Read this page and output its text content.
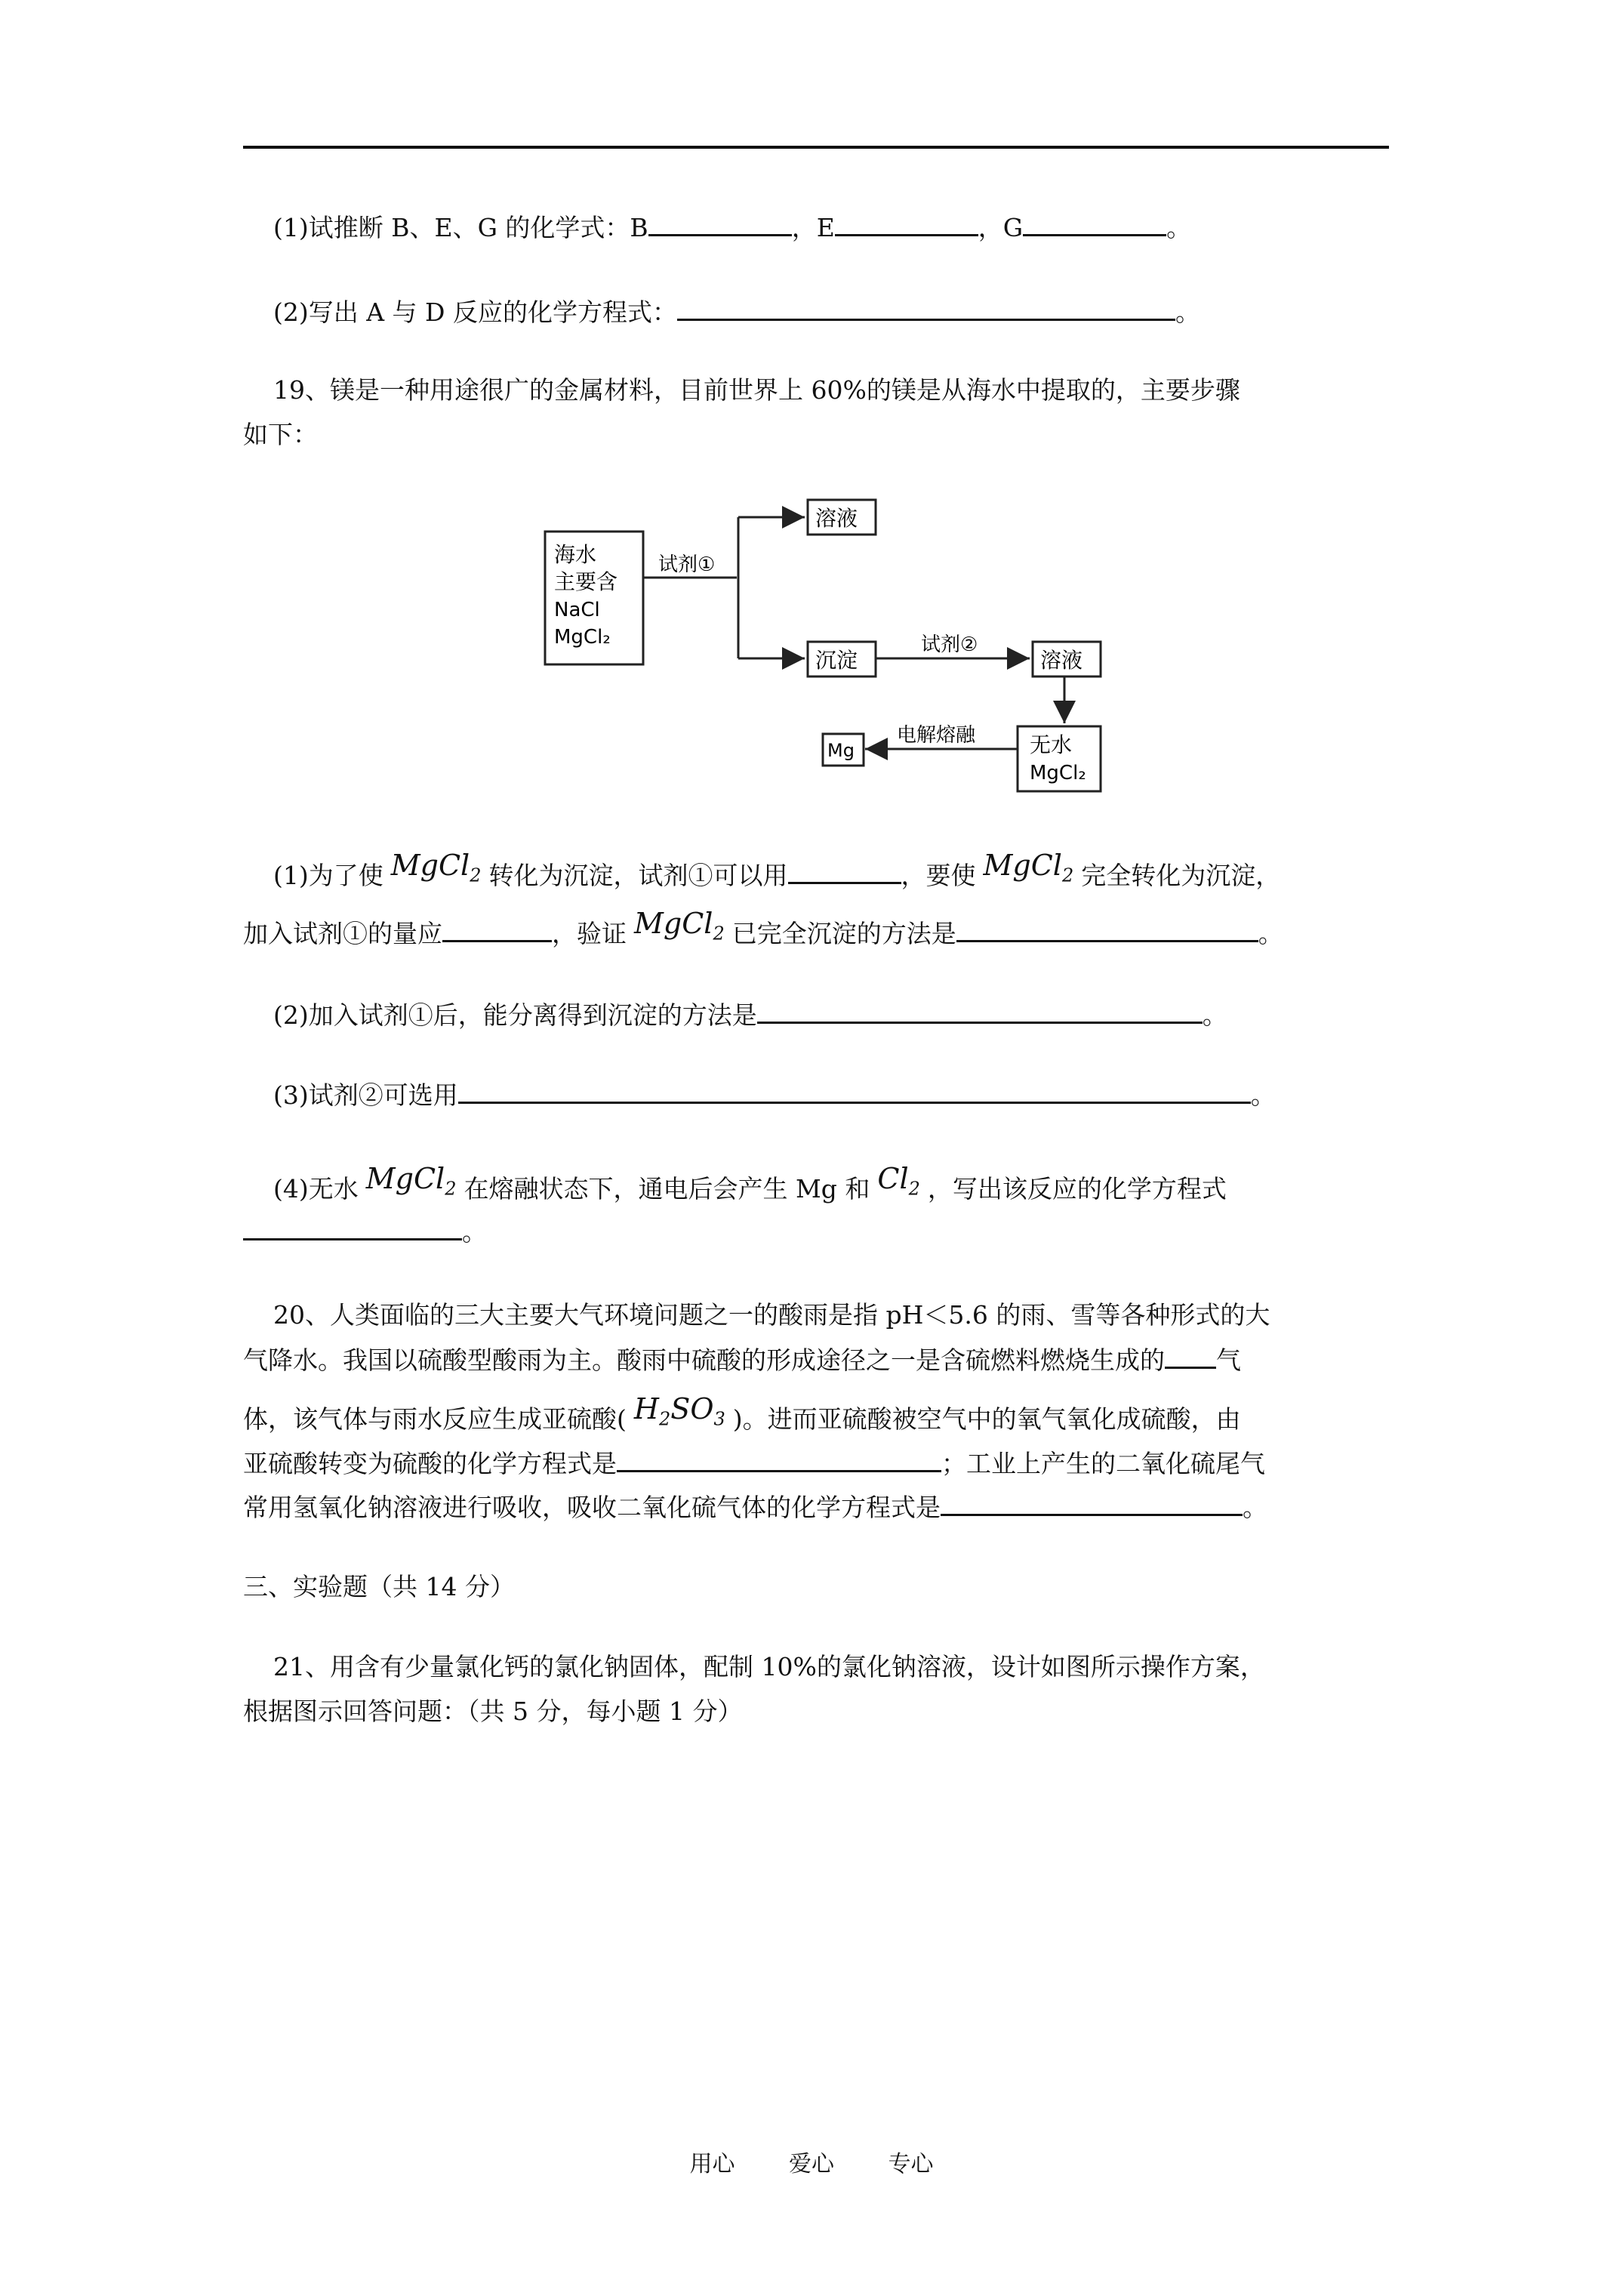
(1)试推断 B、E、G 的化学式：B	，E	，G	。
(2)写出 A 与 D 反应的化学方程式：	。
19、镁是一种用途很广的金属材料，目前世界上 60%的镁是从海水中提取的，主要步骤
如下：
海水
主要含
NaCl
MgCl₂
试剂①
溶液
沉淀
试剂②
溶液
无水
MgCl₂
电解熔融
Mg
(1)为了使 MgCl$_2$ 转化为沉淀，试剂①可以用	，要使 MgCl$_2$ 完全转化为沉淀，
加入试剂①的量应	，验证 MgCl$_2$ 已完全沉淀的方法是	。
(2)加入试剂①后，能分离得到沉淀的方法是	。
(3)试剂②可选用	。
(4)无水 MgCl$_2$ 在熔融状态下，通电后会产生 Mg 和 $Cl_2$ ，写出该反应的化学方程式
。
20、人类面临的三大主要大气环境问题之一的酸雨是指 pH＜5.6 的雨、雪等各种形式的大
气降水。我国以硫酸型酸雨为主。酸雨中硫酸的形成途径之一是含硫燃料燃烧生成的 气
体，该气体与雨水反应生成亚硫酸( $H_2SO_3$ )。进而亚硫酸被空气中的氧气氧化成硫酸，由
亚硫酸转变为硫酸的化学方程式是	；工业上产生的二氧化硫尾气
常用氢氧化钠溶液进行吸收，吸收二氧化硫气体的化学方程式是	。
三、实验题（共 14 分）
21、用含有少量氯化钙的氯化钠固体，配制 10%的氯化钠溶液，设计如图所示操作方案，
根据图示回答问题：（共 5 分，每小题 1 分）
用心 爱心 专心
